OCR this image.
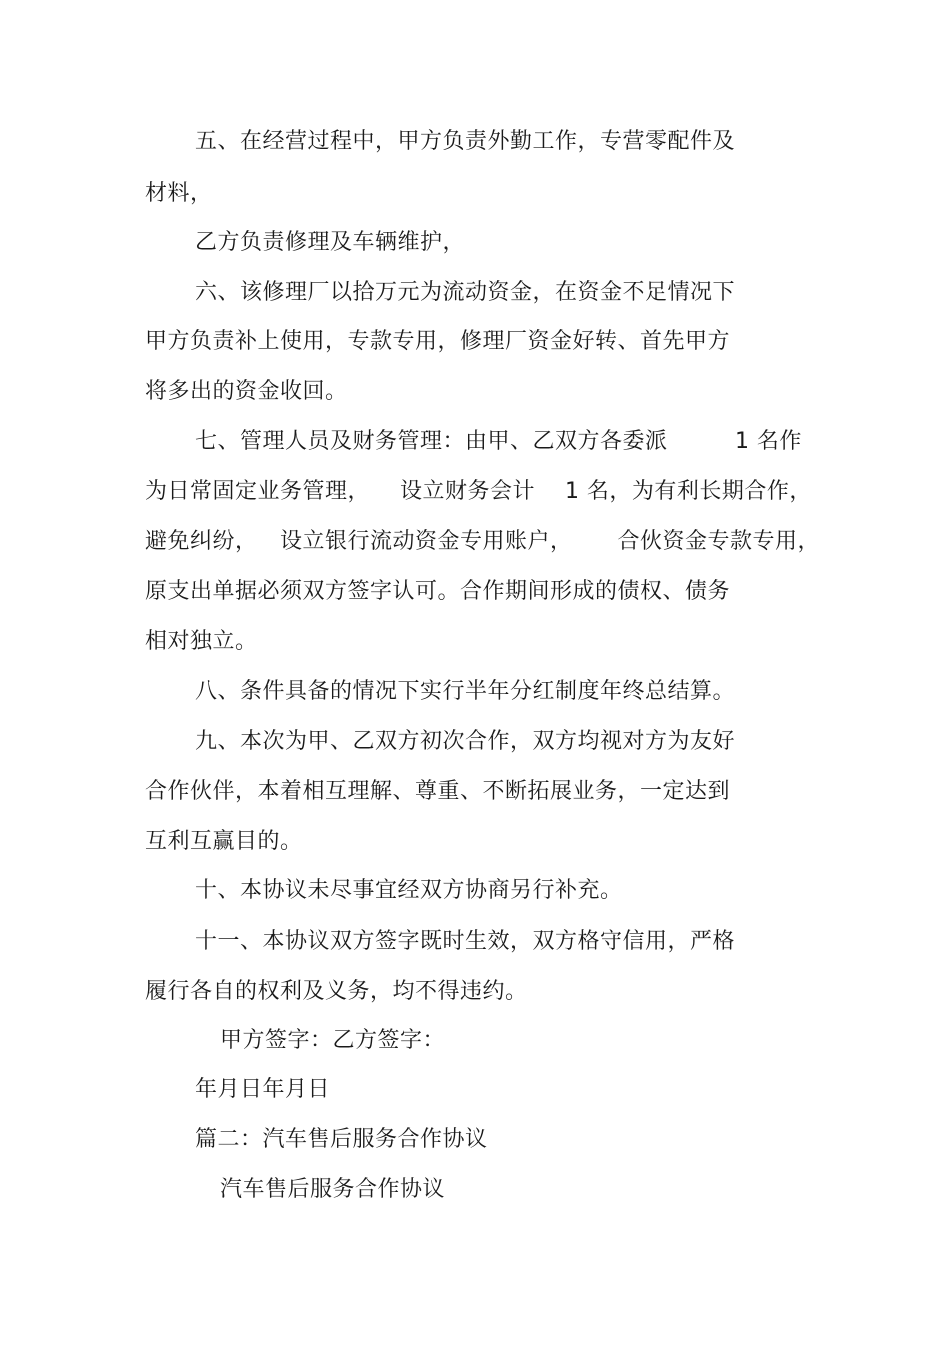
五、在经营过程中，甲方负责外勤工作，专营零配件及
材料，
乙方负责修理及车辆维护，
六、该修理厂以拾万元为流动资金，在资金不足情况下
甲方负责补上使用，专款专用，修理厂资金好转、首先甲方
将多出的资金收回。
七、管理人员及财务管理：由甲、乙双方各委派         1 名作
为日常固定业务管理，    设立财务会计    1 名，为有利长期合作，
避免纠纷，   设立银行流动资金专用账户，      合伙资金专款专用，
原支出单据必须双方签字认可。合作期间形成的债权、债务
相对独立。
八、条件具备的情况下实行半年分红制度年终总结算。
九、本次为甲、乙双方初次合作，双方均视对方为友好
合作伙伴，本着相互理解、尊重、不断拓展业务，一定达到
互利互赢目的。
十、本协议未尽事宜经双方协商另行补充。
十一、本协议双方签字既时生效，双方格守信用，严格
履行各自的权利及义务，均不得违约。
甲方签字：乙方签字：
年月日年月日
篇二：汽车售后服务合作协议
汽车售后服务合作协议
